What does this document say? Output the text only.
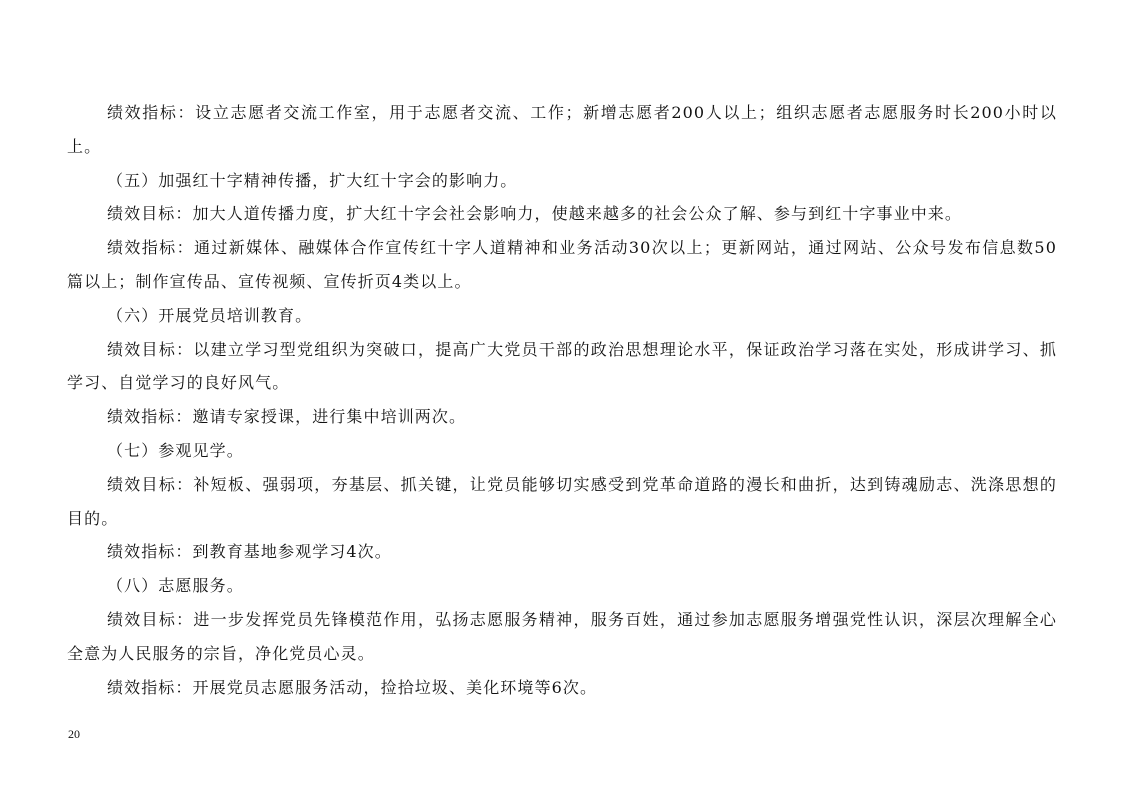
绩效指标：设立志愿者交流工作室，用于志愿者交流、工作；新增志愿者200人以上；组织志愿者志愿服务时长200小时以上。

（五）加强红十字精神传播，扩大红十字会的影响力。

绩效目标：加大人道传播力度，扩大红十字会社会影响力，使越来越多的社会公众了解、参与到红十字事业中来。

绩效指标：通过新媒体、融媒体合作宣传红十字人道精神和业务活动30次以上；更新网站，通过网站、公众号发布信息数50篇以上；制作宣传品、宣传视频、宣传折页4类以上。

（六）开展党员培训教育。

绩效目标：以建立学习型党组织为突破口，提高广大党员干部的政治思想理论水平，保证政治学习落在实处，形成讲学习、抓学习、自觉学习的良好风气。

绩效指标：邀请专家授课，进行集中培训两次。

（七）参观见学。

绩效目标：补短板、强弱项，夯基层、抓关键，让党员能够切实感受到党革命道路的漫长和曲折，达到铸魂励志、洗涤思想的目的。

绩效指标：到教育基地参观学习4次。

（八）志愿服务。

绩效目标：进一步发挥党员先锋模范作用，弘扬志愿服务精神，服务百姓，通过参加志愿服务增强党性认识，深层次理解全心全意为人民服务的宗旨，净化党员心灵。

绩效指标：开展党员志愿服务活动，捡拾垃圾、美化环境等6次。

20
